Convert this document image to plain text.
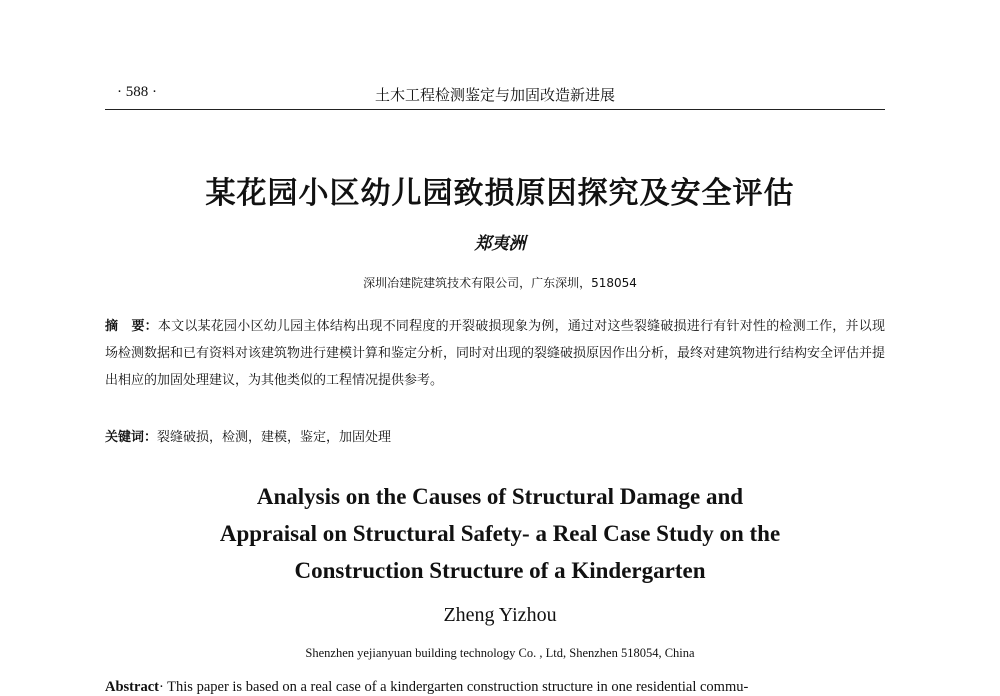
· 588 ·	土木工程检测鉴定与加固改造新进展
某花园小区幼儿园致损原因探究及安全评估
郑夷洲
深圳冶建院建筑技术有限公司，广东深圳，518054
摘　要：本文以某花园小区幼儿园主体结构出现不同程度的开裂破损现象为例，通过对这些裂缝破损进行有针对性的检测工作，并以现场检测数据和已有资料对该建筑物进行建模计算和鉴定分析，同时对出现的裂缝破损原因作出分析，最终对建筑物进行结构安全评估并提出相应的加固处理建议，为其他类似的工程情况提供参考。
关键词：裂缝破损，检测，建模，鉴定，加固处理
Analysis on the Causes of Structural Damage and
Appraisal on Structural Safety- a Real Case Study on the
Construction Structure of a Kindergarten
Zheng Yizhou
Shenzhen yejianyuan building technology Co. , Ltd, Shenzhen 518054, China
Abstract· This paper is based on a real case of a kindergarten construction structure in one residential commu-
